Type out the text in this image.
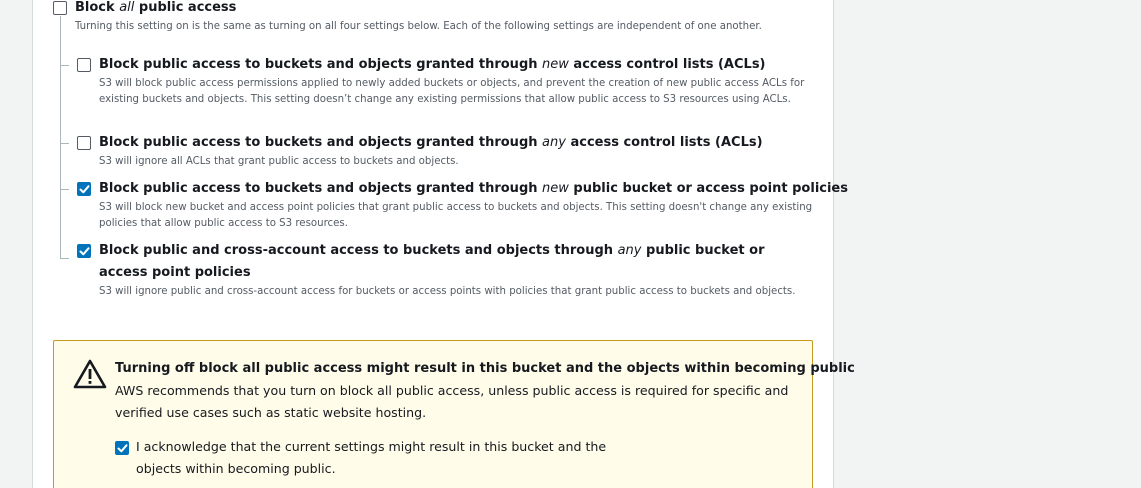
Block all public access
Turning this setting on is the same as turning on all four settings below. Each of the following settings are independent of one another.
Block public access to buckets and objects granted through new access control lists (ACLs)
S3 will block public access permissions applied to newly added buckets or objects, and prevent the creation of new public access ACLs for existing buckets and objects. This setting doesn’t change any existing permissions that allow public access to S3 resources using ACLs.
Block public access to buckets and objects granted through any access control lists (ACLs)
S3 will ignore all ACLs that grant public access to buckets and objects.
Block public access to buckets and objects granted through new public bucket or access point policies
S3 will block new bucket and access point policies that grant public access to buckets and objects. This setting doesn't change any existing policies that allow public access to S3 resources.
Block public and cross-account access to buckets and objects through any public bucket or access point policies
S3 will ignore public and cross-account access for buckets or access points with policies that grant public access to buckets and objects.
Turning off block all public access might result in this bucket and the objects within becoming public
AWS recommends that you turn on block all public access, unless public access is required for specific and verified use cases such as static website hosting.
I acknowledge that the current settings might result in this bucket and the objects within becoming public.
